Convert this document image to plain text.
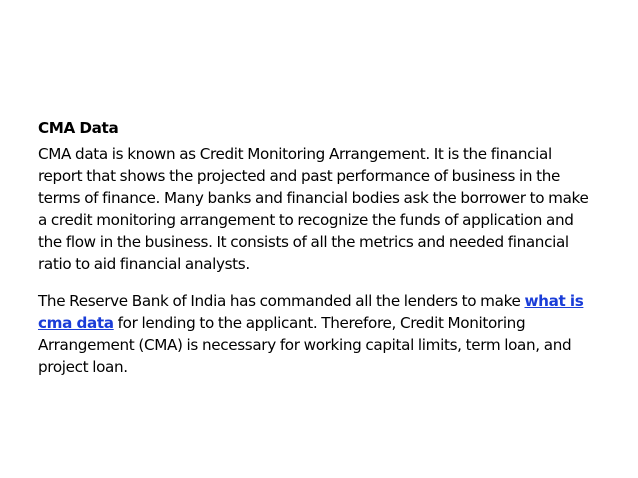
CMA Data

CMA data is known as Credit Monitoring Arrangement. It is the financial report that shows the projected and past performance of business in the terms of finance. Many banks and financial bodies ask the borrower to make a credit monitoring arrangement to recognize the funds of application and the flow in the business. It consists of all the metrics and needed financial ratio to aid financial analysts.

The Reserve Bank of India has commanded all the lenders to make what is cma data for lending to the applicant. Therefore, Credit Monitoring Arrangement (CMA) is necessary for working capital limits, term loan, and project loan.
